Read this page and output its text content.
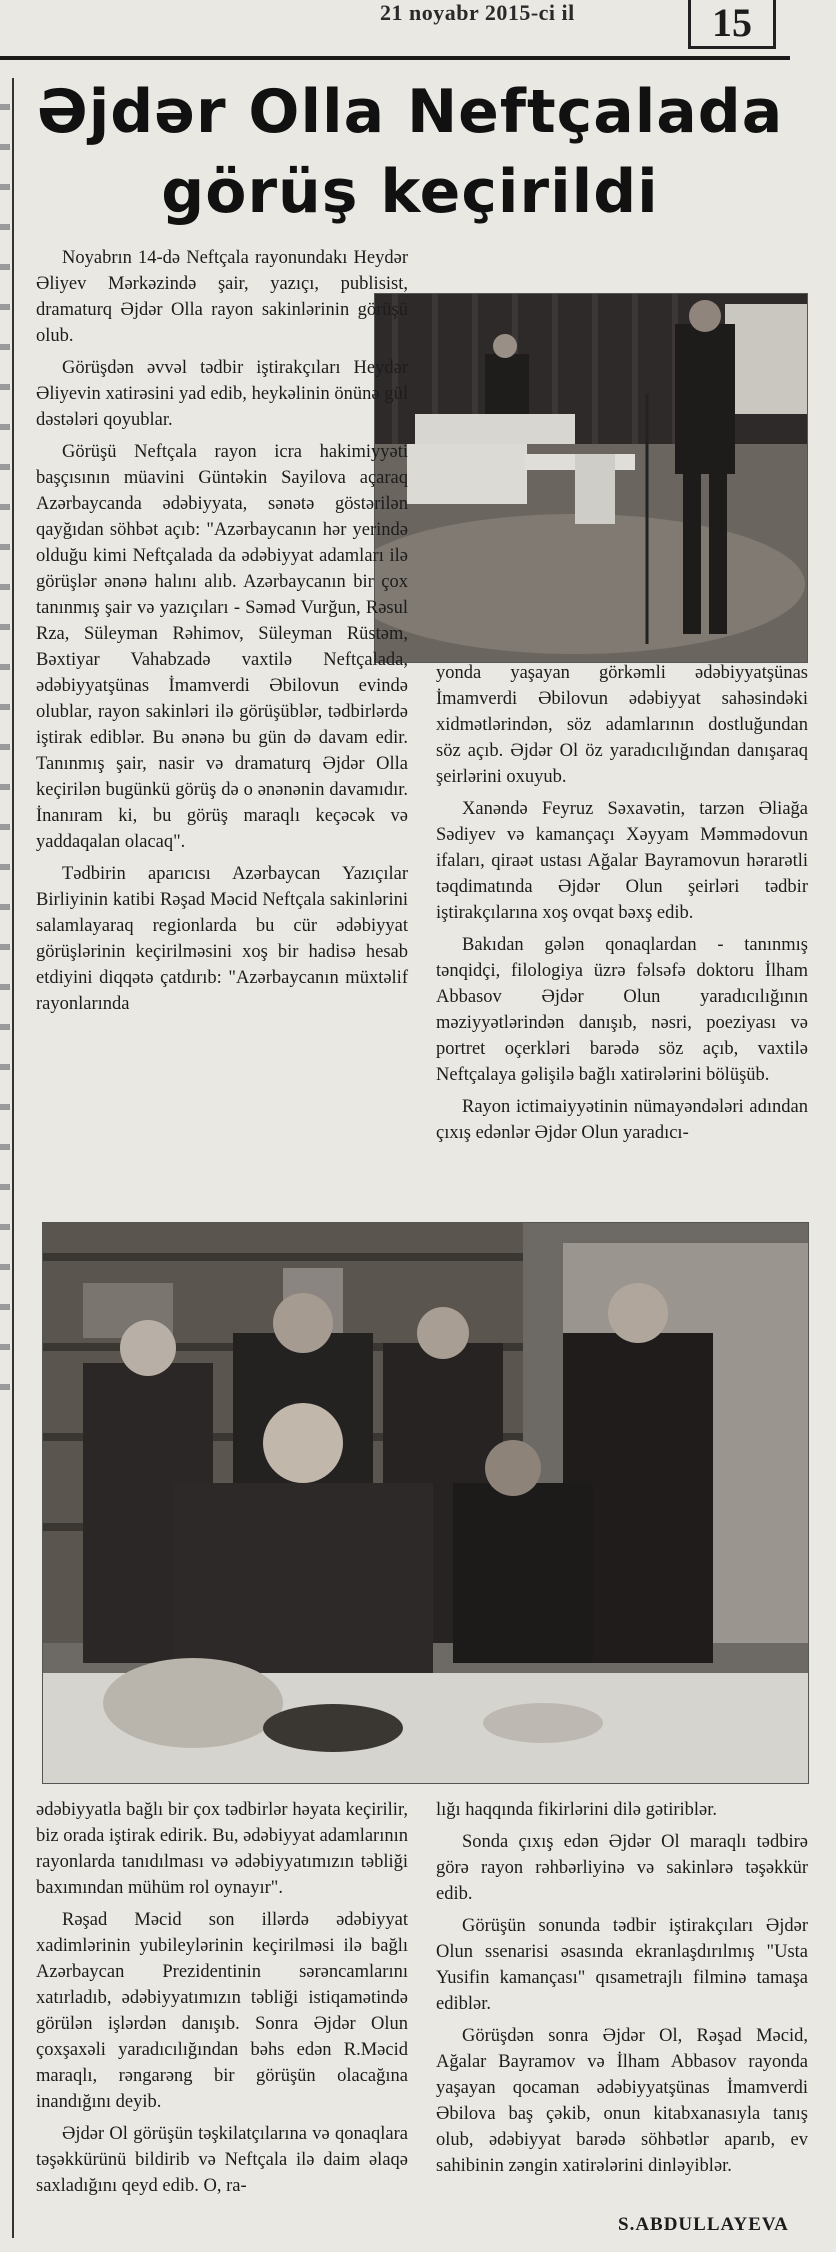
21 noyabr 2015-ci il	15
Əjdər Olla Neftçalada
görüş keçirildi

Noyabrın 14-də Neftçala rayonundakı Heydər Əliyev Mərkəzində şair, yazıçı, publisist, dramaturq Əjdər Olla rayon sakinlərinin görüşü olub.

Görüşdən əvvəl tədbir iştirakçıları Heydər Əliyevin xatirəsini yad edib, heykəlinin önünə gül dəstələri qoyublar.

Görüşü Neftçala rayon icra hakimiyyəti başçısının müavini Güntəkin Sayilova açaraq Azərbaycanda ədəbiyyata, sənətə göstərilən qayğıdan söhbət açıb: "Azərbaycanın hər yerində olduğu kimi Neftçalada da ədəbiyyat adamları ilə görüşlər ənənə halını alıb. Azərbaycanın bir çox tanınmış şair və yazıçıları - Səməd Vurğun, Rəsul Rza, Süleyman Rəhimov, Süleyman Rüstəm, Bəxtiyar Vahabzadə vaxtilə Neftçalada, ədəbiyyatşünas İmamverdi Əbilovun evində olublar, rayon sakinləri ilə görüşüblər, tədbirlərdə iştirak ediblər. Bu ənənə bu gün də davam edir. Tanınmış şair, nasir və dramaturq Əjdər Olla keçirilən bugünkü görüş də o ənənənin davamıdır. İnanıram ki, bu görüş maraqlı keçəcək və yaddaqalan olacaq".

Tədbirin aparıcısı Azərbaycan Yazıçılar Birliyinin katibi Rəşad Məcid Neftçala sakinlərini salamlayaraq regionlarda bu cür ədəbiyyat görüşlərinin keçirilməsini xoş bir hadisə hesab etdiyini diqqətə çatdırıb: "Azərbaycanın müxtəlif rayonlarında

yonda yaşayan görkəmli ədəbiyyatşünas İmamverdi Əbilovun ədəbiyyat sahəsindəki xidmətlərindən, söz adamlarının dostluğundan söz açıb. Əjdər Ol öz yaradıcılığından danışaraq şeirlərini oxuyub.

Xanəndə Feyruz Səxavətin, tarzən Əliağa Sədiyev və kamançaçı Xəyyam Məmmədovun ifaları, qiraət ustası Ağalar Bayramovun hərarətli təqdimatında Əjdər Olun şeirləri tədbir iştirakçılarına xoş ovqat bəxş edib.

Bakıdan gələn qonaqlardan - tanınmış tənqidçi, filologiya üzrə fəlsəfə doktoru İlham Abbasov Əjdər Olun yaradıcılığının məziyyətlərindən danışıb, nəsri, poeziyası və portret oçerkləri barədə söz açıb, vaxtilə Neftçalaya gəlişilə bağlı xatirələrini bölüşüb.

Rayon ictimaiyyətinin nümayəndələri adından çıxış edənlər Əjdər Olun yaradıcı-

ədəbiyyatla bağlı bir çox tədbirlər həyata keçirilir, biz orada iştirak edirik. Bu, ədəbiyyat adamlarının rayonlarda tanıdılması və ədəbiyyatımızın təbliği baxımından mühüm rol oynayır".

Rəşad Məcid son illərdə ədəbiyyat xadimlərinin yubileylərinin keçirilməsi ilə bağlı Azərbaycan Prezidentinin sərəncamlarını xatırladıb, ədəbiyyatımızın təbliği istiqamətində görülən işlərdən danışıb. Sonra Əjdər Olun çoxşaxəli yaradıcılığından bəhs edən R.Məcid maraqlı, rəngarəng bir görüşün olacağına inandığını deyib.

Əjdər Ol görüşün təşkilatçılarına və qonaqlara təşəkkürünü bildirib və Neftçala ilə daim əlaqə saxladığını qeyd edib. O, ra-

lığı haqqında fikirlərini dilə gətiriblər.

Sonda çıxış edən Əjdər Ol maraqlı tədbirə görə rayon rəhbərliyinə və sakinlərə təşəkkür edib.

Görüşün sonunda tədbir iştirakçıları Əjdər Olun ssenarisi əsasında ekranlaşdırılmış "Usta Yusifin kamançası" qısametrajlı filminə tamaşa ediblər.

Görüşdən sonra Əjdər Ol, Rəşad Məcid, Ağalar Bayramov və İlham Abbasov rayonda yaşayan qocaman ədəbiyyatşünas İmamverdi Əbilova baş çəkib, onun kitabxanasıyla tanış olub, ədəbiyyat barədə söhbətlər aparıb, ev sahibinin zəngin xatirələrini dinləyiblər.

S.ABDULLAYEVA
